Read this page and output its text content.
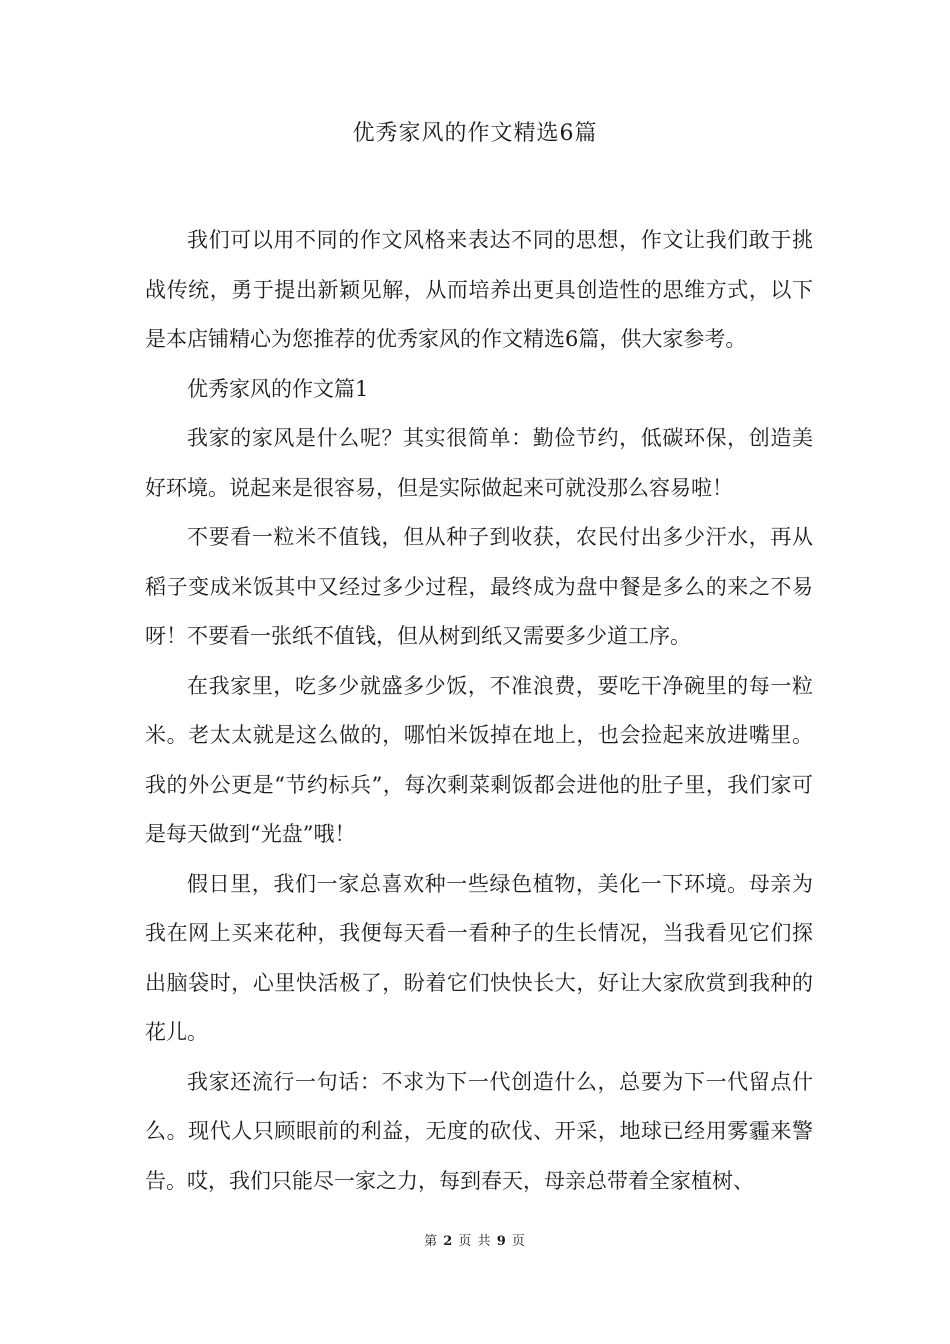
优秀家风的作文精选6篇

我们可以用不同的作文风格来表达不同的思想，作文让我们敢于挑战传统，勇于提出新颖见解，从而培养出更具创造性的思维方式，以下是本店铺精心为您推荐的优秀家风的作文精选6篇，供大家参考。

优秀家风的作文篇1

我家的家风是什么呢？其实很简单：勤俭节约，低碳环保，创造美好环境。说起来是很容易，但是实际做起来可就没那么容易啦！

不要看一粒米不值钱，但从种子到收获，农民付出多少汗水，再从稻子变成米饭其中又经过多少过程，最终成为盘中餐是多么的来之不易呀！不要看一张纸不值钱，但从树到纸又需要多少道工序。

在我家里，吃多少就盛多少饭，不准浪费，要吃干净碗里的每一粒米。老太太就是这么做的，哪怕米饭掉在地上，也会捡起来放进嘴里。我的外公更是“节约标兵”，每次剩菜剩饭都会进他的肚子里，我们家可是每天做到“光盘”哦！

假日里，我们一家总喜欢种一些绿色植物，美化一下环境。母亲为我在网上买来花种，我便每天看一看种子的生长情况，当我看见它们探出脑袋时，心里快活极了，盼着它们快快长大，好让大家欣赏到我种的花儿。

我家还流行一句话：不求为下一代创造什么，总要为下一代留点什么。现代人只顾眼前的利益，无度的砍伐、开采，地球已经用雾霾来警告。哎，我们只能尽一家之力，每到春天，母亲总带着全家植树、

第 2 页 共 9 页
